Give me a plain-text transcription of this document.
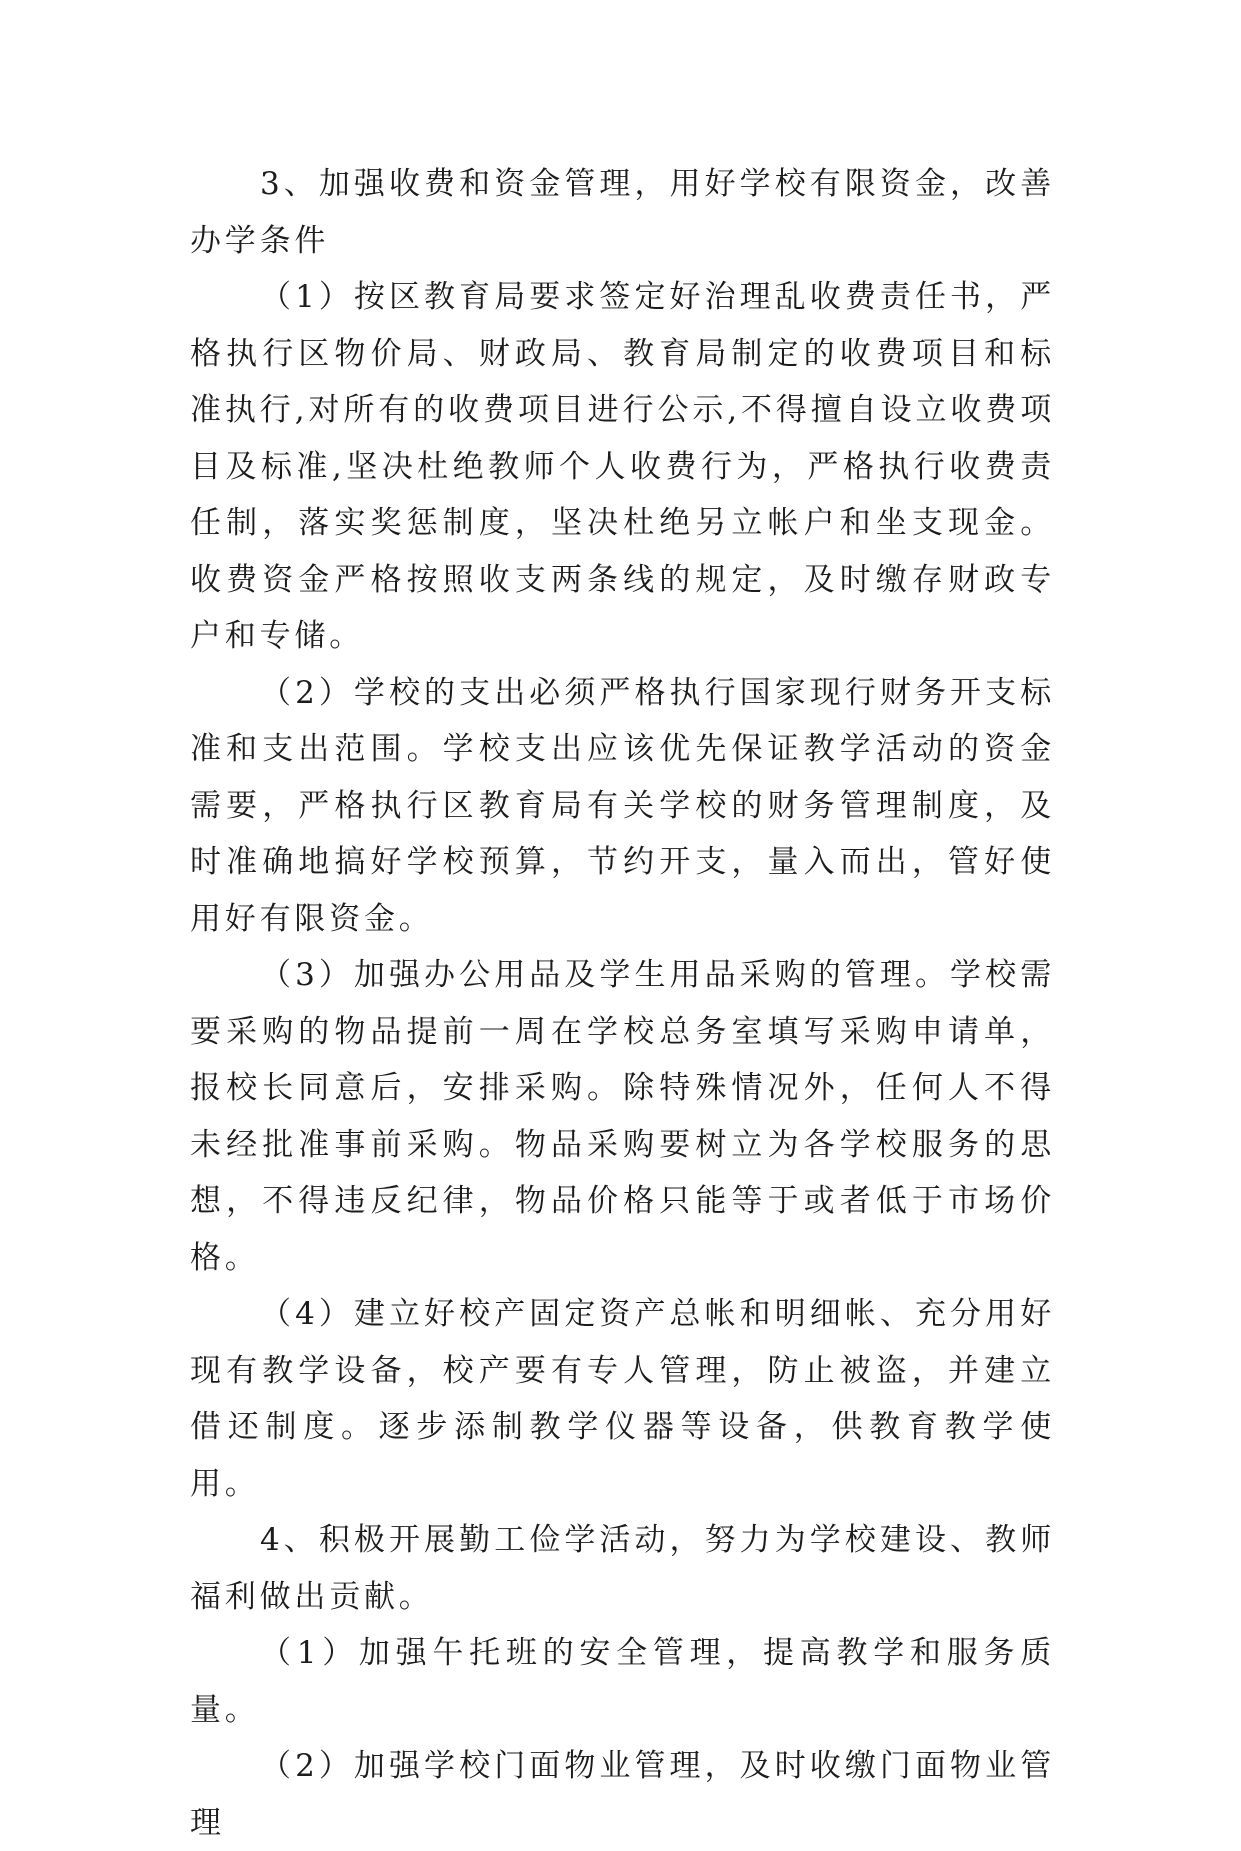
3、加强收费和资金管理，用好学校有限资金，改善办学条件

（1）按区教育局要求签定好治理乱收费责任书，严格执行区物价局、财政局、教育局制定的收费项目和标准执行,对所有的收费项目进行公示,不得擅自设立收费项目及标准,坚决杜绝教师个人收费行为，严格执行收费责任制，落实奖惩制度，坚决杜绝另立帐户和坐支现金。收费资金严格按照收支两条线的规定，及时缴存财政专户和专储。

（2）学校的支出必须严格执行国家现行财务开支标准和支出范围。学校支出应该优先保证教学活动的资金需要，严格执行区教育局有关学校的财务管理制度，及时准确地搞好学校预算，节约开支，量入而出，管好使用好有限资金。

（3）加强办公用品及学生用品采购的管理。学校需要采购的物品提前一周在学校总务室填写采购申请单，报校长同意后，安排采购。除特殊情况外，任何人不得未经批准事前采购。物品采购要树立为各学校服务的思想，不得违反纪律，物品价格只能等于或者低于市场价格。

（4）建立好校产固定资产总帐和明细帐、充分用好现有教学设备，校产要有专人管理，防止被盗，并建立借还制度。逐步添制教学仪器等设备，供教育教学使用。

4、积极开展勤工俭学活动，努力为学校建设、教师福利做出贡献。

（1）加强午托班的安全管理，提高教学和服务质量。

（2）加强学校门面物业管理，及时收缴门面物业管理
